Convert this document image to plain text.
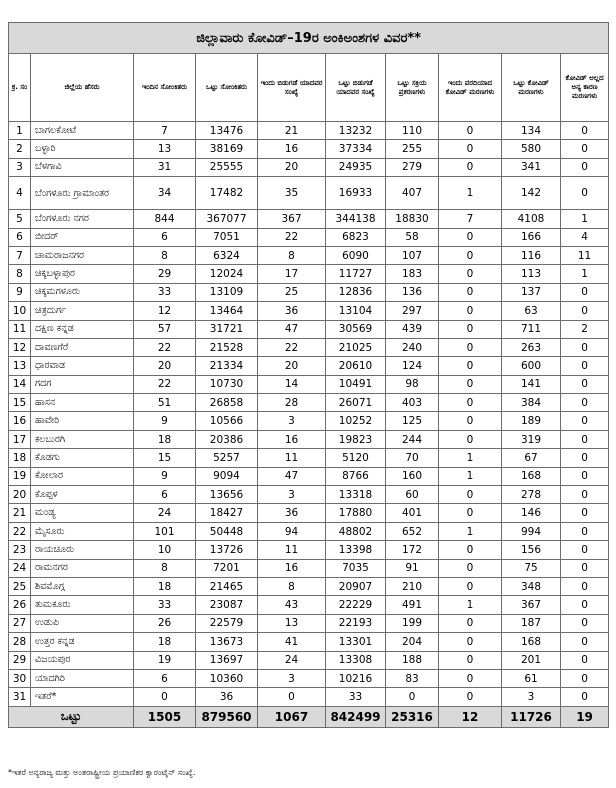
ಜಿಲ್ಲಾವಾರು ಕೋವಿಡ್–19ರ ಅಂಕಿಅಂಶಗಳ ವಿವರ**									
ಕ್ರ. ಸಂ	ಜಿಲ್ಲೆಯ ಹೆಸರು	ಇಂದಿನ ಸೋಂಕಿತರು	ಒಟ್ಟು ಸೋಂಕಿತರು	ಇಂದು ಬಿಡುಗಡೆ ಯಾದವರ ಸಂಖ್ಯೆ	ಒಟ್ಟು ಬಿಡುಗಡೆ ಯಾದವರ ಸಂಖ್ಯೆ	ಒಟ್ಟು ಸಕ್ರಿಯ ಪ್ರಕರಣಗಳು	ಇಂದು ವರದಿಯಾದ ಕೋವಿಡ್ ಮರಣಗಳು	ಒಟ್ಟು ಕೋವಿಡ್ ಮರಣಗಳು	ಕೋವಿಡ್ ಅಲ್ಲದ ಅನ್ಯ ಕಾರಣ ಮರಣಗಳು
1	ಬಾಗಲಕೋಟೆ	7	13476	21	13232	110	0	134	0
2	ಬಳ್ಳಾರಿ	13	38169	16	37334	255	0	580	0
3	ಬೆಳಗಾವಿ	31	25555	20	24935	279	0	341	0
4	ಬೆಂಗಳೂರು ಗ್ರಾಮಾಂತರ	34	17482	35	16933	407	1	142	0
5	ಬೆಂಗಳೂರು ನಗರ	844	367077	367	344138	18830	7	4108	1
6	ಬೀದರ್	6	7051	22	6823	58	0	166	4
7	ಚಾಮರಾಜನಗರ	8	6324	8	6090	107	0	116	11
8	ಚಿಕ್ಕಬಳ್ಳಾಪುರ	29	12024	17	11727	183	0	113	1
9	ಚಿಕ್ಕಮಗಳೂರು	33	13109	25	12836	136	0	137	0
10	ಚಿತ್ರದುರ್ಗ	12	13464	36	13104	297	0	63	0
11	ದಕ್ಷಿಣ ಕನ್ನಡ	57	31721	47	30569	439	0	711	2
12	ದಾವಣಗೆರೆ	22	21528	22	21025	240	0	263	0
13	ಧಾರವಾಡ	20	21334	20	20610	124	0	600	0
14	ಗದಗ	22	10730	14	10491	98	0	141	0
15	ಹಾಸನ	51	26858	28	26071	403	0	384	0
16	ಹಾವೇರಿ	9	10566	3	10252	125	0	189	0
17	ಕಲಬುರಗಿ	18	20386	16	19823	244	0	319	0
18	ಕೊಡಗು	15	5257	11	5120	70	1	67	0
19	ಕೋಲಾರ	9	9094	47	8766	160	1	168	0
20	ಕೊಪ್ಪಳ	6	13656	3	13318	60	0	278	0
21	ಮಂಡ್ಯ	24	18427	36	17880	401	0	146	0
22	ಮೈಸೂರು	101	50448	94	48802	652	1	994	0
23	ರಾಯಚೂರು	10	13726	11	13398	172	0	156	0
24	ರಾಮನಗರ	8	7201	16	7035	91	0	75	0
25	ಶಿವಮೊಗ್ಗ	18	21465	8	20907	210	0	348	0
26	ತುಮಕೂರು	33	23087	43	22229	491	1	367	0
27	ಉಡುಪಿ	26	22579	13	22193	199	0	187	0
28	ಉತ್ತರ ಕನ್ನಡ	18	13673	41	13301	204	0	168	0
29	ವಿಜಯಪುರ	19	13697	24	13308	188	0	201	0
30	ಯಾದಗಿರಿ	6	10360	3	10216	83	0	61	0
31	ಇತರೆ*	0	36	0	33	0	0	3	0
ಒಟ್ಟು		1505	879560	1067	842499	25316	12	11726	19
*ಇತರೆ ಅನ್ಯರಾಜ್ಯ ಮತ್ತು ಅಂತರಾಷ್ಟ್ರೀಯ ಪ್ರಯಾಣಿಕರ ಕ್ವಾರಂಟೈನ್ ಸಂಖ್ಯೆ.
